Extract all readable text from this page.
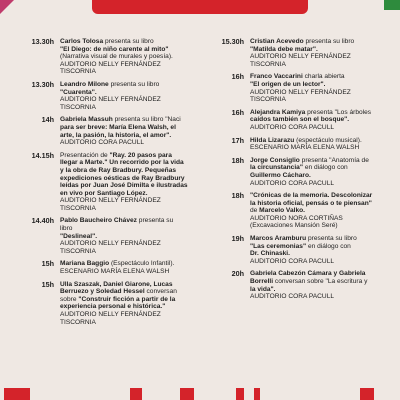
13.30h Carlos Tolosa presenta su libro
"El Diego: de niño carente al mito"
(Narrativa visual de murales y poesía).
AUDITORIO NELLY FERNÁNDEZ
TISCORNIA
13.30h Leandro Milone presenta su libro
"Cuarenta".
AUDITORIO NELLY FERNÁNDEZ
TISCORNIA
14h Gabriela Massuh presenta su libro "Naci
para ser breve: María Elena Walsh, el
arte, la pasión, la historia, el amor".
AUDITORIO CORA PACULL
14.15h Presentación de "Ray. 20 pasos para
llegar a Marte." Un recorrido por la vida
y la obra de Ray Bradbury. Pequeñas
expediciones oésticas de Ray Bradbury
leídas por Juan José Dimilta e ilustradas
en vivo por Santiago López.
AUDITORIO NELLY FERNÁNDEZ
TISCORNIA
14.40h Pablo Baucheiro Chávez presenta su
libro
"Deslineal".
AUDITORIO NELLY FERNÁNDEZ
TISCORNIA
15h Mariana Baggio (Espectáculo Infantil).
ESCENARIO MARÍA ELENA WALSH
15h Ulla Szaszak, Daniel Giarone, Lucas
Berruezo y Soledad Hessel conversan
sobre "Construir ficción a partir de la
experiencia personal e histórica."
AUDITORIO NELLY FERNÁNDEZ
TISCORNIA
15.30h Cristian Acevedo presenta su libro
"Matilda debe matar".
AUDITORIO NELLY FERNÁNDEZ
TISCORNIA
16h Franco Vaccarini charla abierta
"El origen de un lector".
AUDITORIO NELLY FERNÁNDEZ
TISCORNIA
16h Alejandra Kamiya presenta "Los árboles
caídos también son el bosque".
AUDITORIO CORA PACULL
17h Hilda Lizarazu (espectáculo musical).
ESCENARIO MARÍA ELENA WALSH
18h Jorge Consiglio presenta "Anatomía de
la circunstancia" en diálogo con
Guillermo Cácharo.
AUDITORIO CORA PACULL
18h "Crónicas de la memoria. Descolonizar
la historia oficial, pensás o te piensan"
de Marcelo Valko.
AUDITORIO NORA CORTIÑAS
(Excavaciones Mansión Seré)
19h Marcos Aramburu presenta su libro
"Las ceremonias" en diálogo con
Dr. Chinaski.
AUDITORIO CORA PACULL
20h Gabriela Cabezón Cámara y Gabriela
Borrelli conversan sobre "La escritura y
la vida".
AUDITORIO CORA PACULL
